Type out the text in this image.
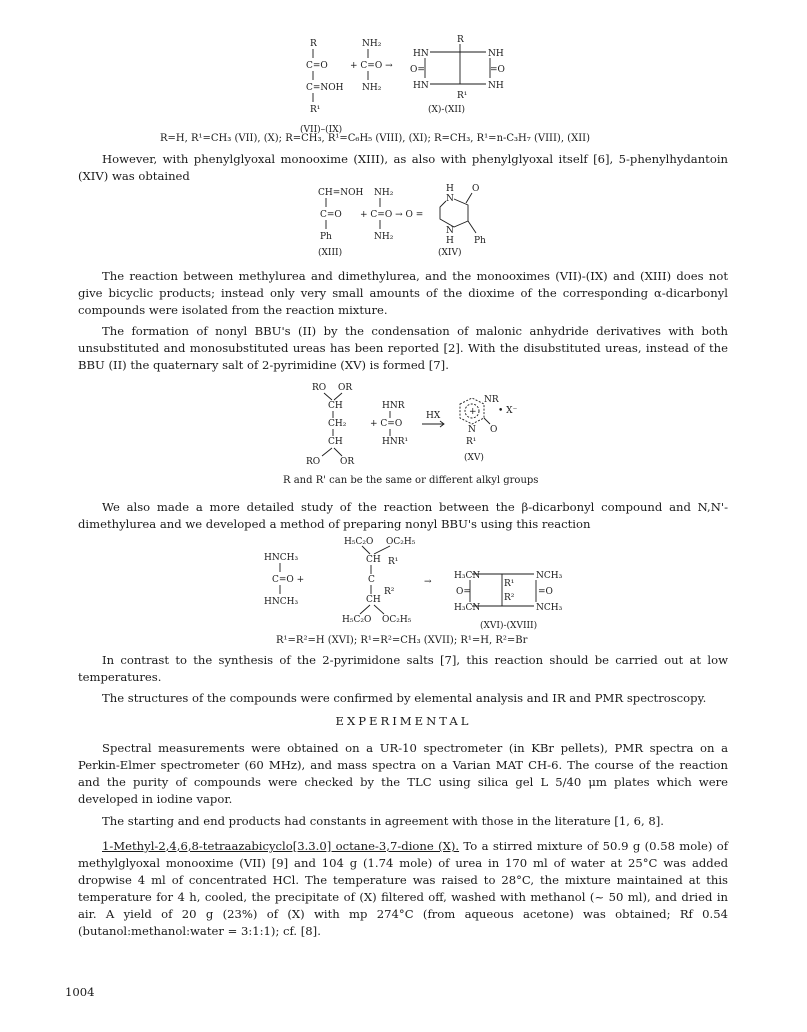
R
C=O
C=NOH
R¹
NH₂
+ C=O →
NH₂
R
HN	NH
O=	=O
HN	NH
R¹
(VII)–(IX)
(X)-(XII)
R=H, R¹=CH₃ (VII), (X); R=CH₃, R¹=C₆H₅ (VIII), (XI); R=CH₃, R¹=n-C₃H₇ (VIII), (XII)
However, with phenylglyoxal monooxime (XIII), as also with phenylglyoxal itself [6], 5-phenylhydantoin (XIV) was obtained
CH=NOH
C=O
Ph
NH₂
+ C=O → O =
NH₂
H O
N
N
H Ph
(XIII)	(XIV)
The reaction between methylurea and dimethylurea, and the monooximes (VII)-(IX) and (XIII) does not give bicyclic products; instead only very small amounts of the dioxime of the corresponding α-dicarbonyl compounds were isolated from the reaction mixture.
The formation of nonyl BBU's (II) by the condensation of malonic anhydride derivatives with both unsubstituted and monosubstituted ureas has been reported [2]. With the disubstituted ureas, instead of the BBU (II) the quaternary salt of 2-pyrimidine (XV) is formed [7].
RO OR
CH
CH₂
CH
RO OR
HNR
+ C=O
HNR¹
HX	+
NR
• X⁻
N O
R¹
(XV)
R and R' can be the same or different alkyl groups
We also made a more detailed study of the reaction between the β-dicarbonyl compound and N,N'-dimethylurea and we developed a method of preparing nonyl BBU's using this reaction
HNCH₃
C=O +
HNCH₃
H₅C₂O OC₂H₅
CH R¹
C
R²
CH
H₅C₂O OC₂H₅
→
H₃CN	NCH₃
R¹
R²
O=	=O
H₃CN	NCH₃
(XVI)-(XVIII)
R¹=R²=H (XVI); R¹=R²=CH₃ (XVII); R¹=H, R²=Br
In contrast to the synthesis of the 2-pyrimidone salts [7], this reaction should be carried out at low temperatures.
The structures of the compounds were confirmed by elemental analysis and IR and PMR spectroscopy.
EXPERIMENTAL
Spectral measurements were obtained on a UR-10 spectrometer (in KBr pellets), PMR spectra on a Perkin-Elmer spectrometer (60 MHz), and mass spectra on a Varian MAT CH-6. The course of the reaction and the purity of compounds were checked by the TLC using silica gel L 5/40 μm plates which were developed in iodine vapor.
The starting and end products had constants in agreement with those in the literature [1, 6, 8].
1-Methyl-2,4,6,8-tetraazabicyclo[3.3.0] octane-3,7-dione (X). To a stirred mixture of 50.9 g (0.58 mole) of methylglyoxal monooxime (VII) [9] and 104 g (1.74 mole) of urea in 170 ml of water at 25°C was added dropwise 4 ml of concentrated HCl. The temperature was raised to 28°C, the mixture maintained at this temperature for 4 h, cooled, the precipitate of (X) filtered off, washed with methanol (~ 50 ml), and dried in air. A yield of 20 g (23%) of (X) with mp 274°C (from aqueous acetone) was obtained; Rf 0.54 (butanol:methanol:water = 3:1:1); cf. [8].
1004
